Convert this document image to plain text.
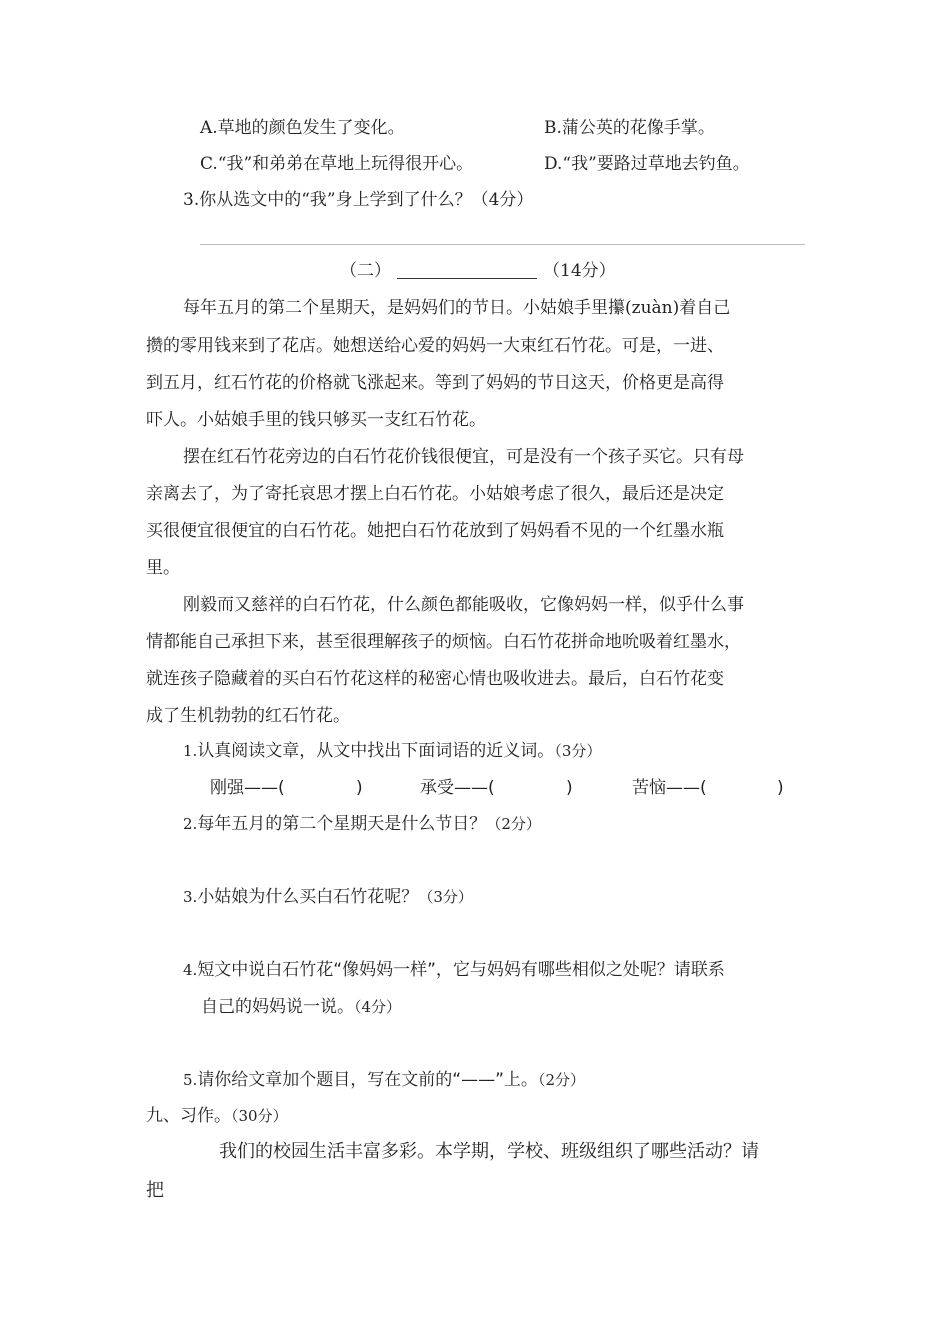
A.草地的颜色发生了变化。	B.蒲公英的花像手掌。
C.“我”和弟弟在草地上玩得很开心。	D.“我”要路过草地去钓鱼。
3.你从选文中的“我”身上学到了什么？（4分）
（二）	（14分）
每年五月的第二个星期天，是妈妈们的节日。小姑娘手里攥(zuàn)着自己
攒的零用钱来到了花店。她想送给心爱的妈妈一大束红石竹花。可是，一进、
到五月，红石竹花的价格就飞涨起来。等到了妈妈的节日这天，价格更是高得
吓人。小姑娘手里的钱只够买一支红石竹花。
摆在红石竹花旁边的白石竹花价钱很便宜，可是没有一个孩子买它。只有母
亲离去了，为了寄托哀思才摆上白石竹花。小姑娘考虑了很久，最后还是决定
买很便宜很便宜的白石竹花。她把白石竹花放到了妈妈看不见的一个红墨水瓶
里。
刚毅而又慈祥的白石竹花，什么颜色都能吸收，它像妈妈一样，似乎什么事
情都能自己承担下来，甚至很理解孩子的烦恼。白石竹花拼命地吮吸着红墨水，
就连孩子隐藏着的买白石竹花这样的秘密心情也吸收进去。最后，白石竹花变
成了生机勃勃的红石竹花。
1.认真阅读文章，从文中找出下面词语的近义词。（3分）
刚强——(	)	承受——(	)	苦恼——(	)
2.每年五月的第二个星期天是什么节日？（2分）
3.小姑娘为什么买白石竹花呢？（3分）
4.短文中说白石竹花“像妈妈一样”，它与妈妈有哪些相似之处呢？请联系
自己的妈妈说一说。（4分）
5.请你给文章加个题目，写在文前的“——”上。（2分）
九、习作。（30分）
我们的校园生活丰富多彩。本学期，学校、班级组织了哪些活动？请
把
